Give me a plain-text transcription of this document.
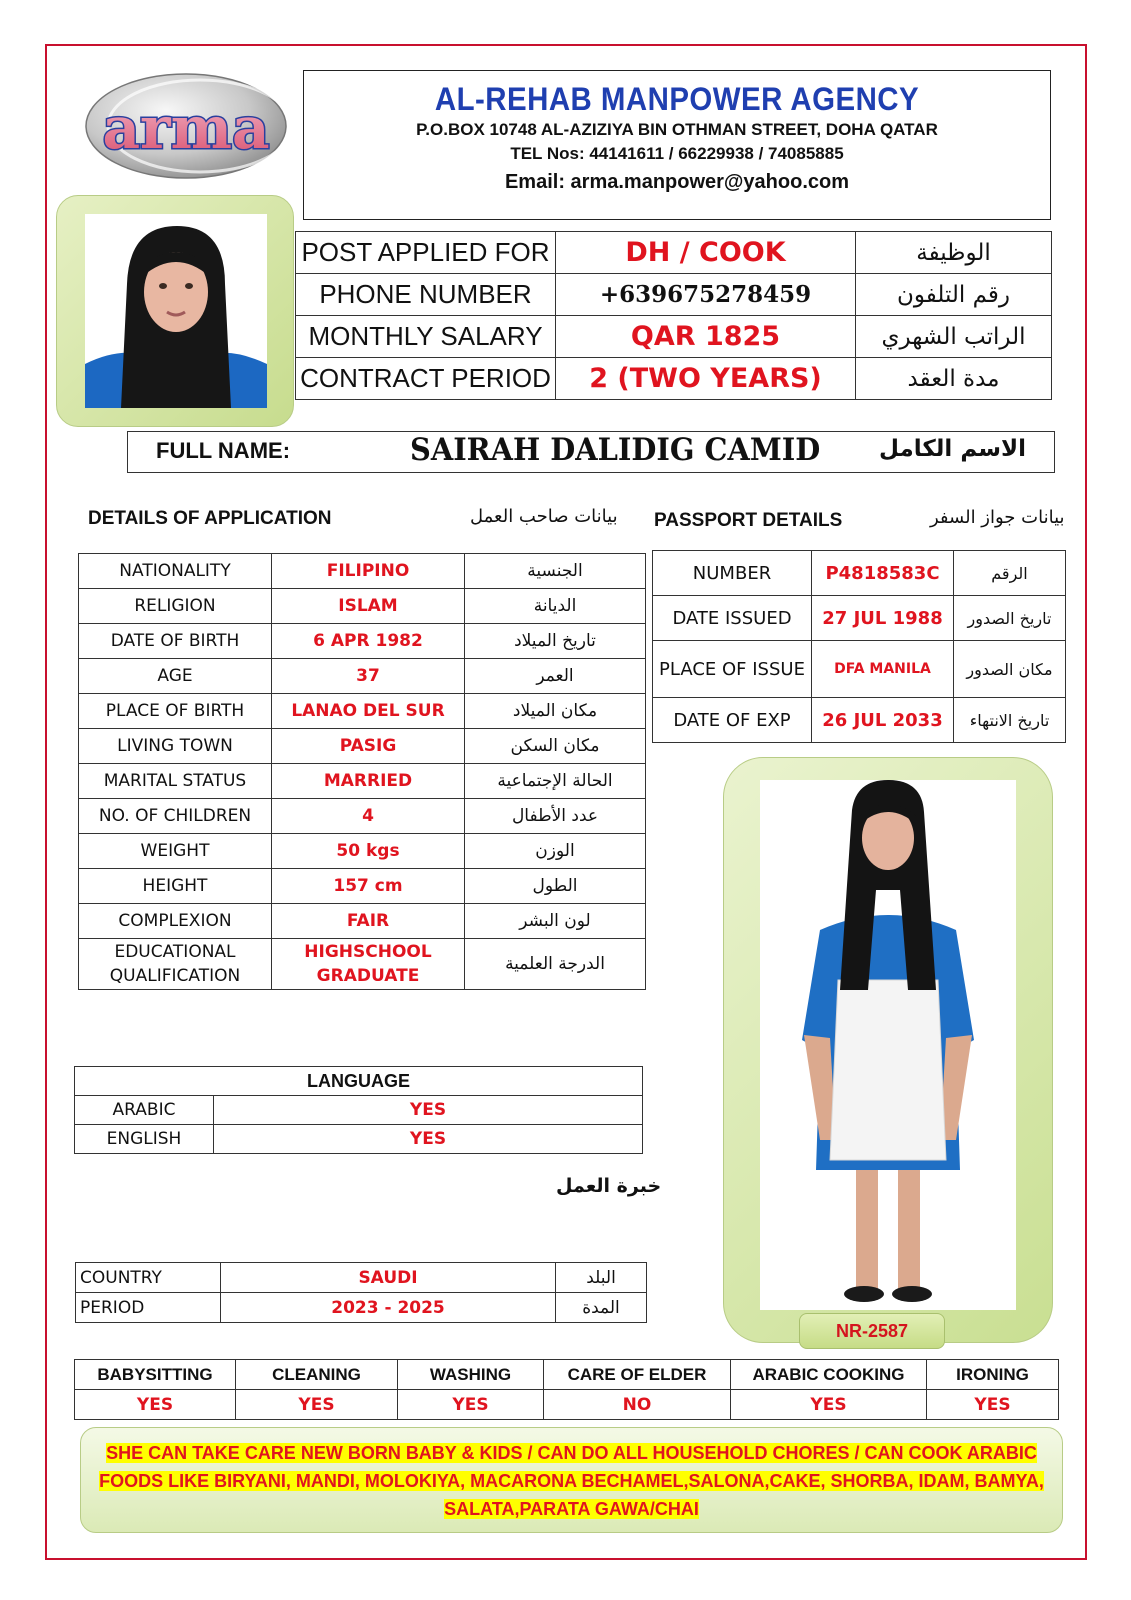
arma	AL-REHAB MANPOWER AGENCY
P.O.BOX 10748 AL-AZIZIYA BIN OTHMAN STREET, DOHA QATAR
TEL Nos: 44141611 / 66229938 / 74085885
Email: arma.manpower@yahoo.com
POST APPLIED FOR	DH / COOK	الوظيفة
PHONE NUMBER	+639675278459	رقم التلفون
MONTHLY SALARY	QAR 1825	الراتب الشهري
CONTRACT PERIOD	2 (TWO YEARS)	مدة العقد
FULL NAME:	SAIRAH DALIDIG CAMID	الاسم الكامل
DETAILS OF APPLICATION	بيانات صاحب العمل PASSPORT DETAILS	بيانات جواز السفر
NATIONALITY	FILIPINO	الجنسية
RELIGION	ISLAM	الديانة
DATE OF BIRTH	6 APR 1982	تاريخ الميلاد
AGE	37	العمر
PLACE OF BIRTH	LANAO DEL SUR	مكان الميلاد
LIVING TOWN	PASIG	مكان السكن
MARITAL STATUS	MARRIED	الحالة الإجتماعية
NO. OF CHILDREN	4	عدد الأطفال
WEIGHT	50 kgs	الوزن
HEIGHT	157 cm	الطول
COMPLEXION	FAIR	لون البشر
EDUCATIONAL QUALIFICATION	HIGHSCHOOL GRADUATE	الدرجة العلمية
NUMBER	P4818583C	الرقم
DATE ISSUED	27 JUL 1988	تاريخ الصدور
PLACE OF ISSUE	DFA MANILA	مكان الصدور
DATE OF EXP	26 JUL 2033	تاريخ الانتهاء
NR-2587
LANGUAGE	
ARABIC	YES
ENGLISH	YES
خبرة العمل
COUNTRY	SAUDI	البلد
PERIOD	2023 - 2025	المدة
BABYSITTING	CLEANING	WASHING	CARE OF ELDER	ARABIC COOKING	IRONING
YES	YES	YES	NO	YES	YES
SHE CAN TAKE CARE NEW BORN BABY & KIDS / CAN DO ALL HOUSEHOLD CHORES / CAN COOK ARABIC
FOODS LIKE BIRYANI, MANDI, MOLOKIYA, MACARONA BECHAMEL,SALONA,CAKE, SHORBA, IDAM, BAMYA,
SALATA,PARATA GAWA/CHAI
